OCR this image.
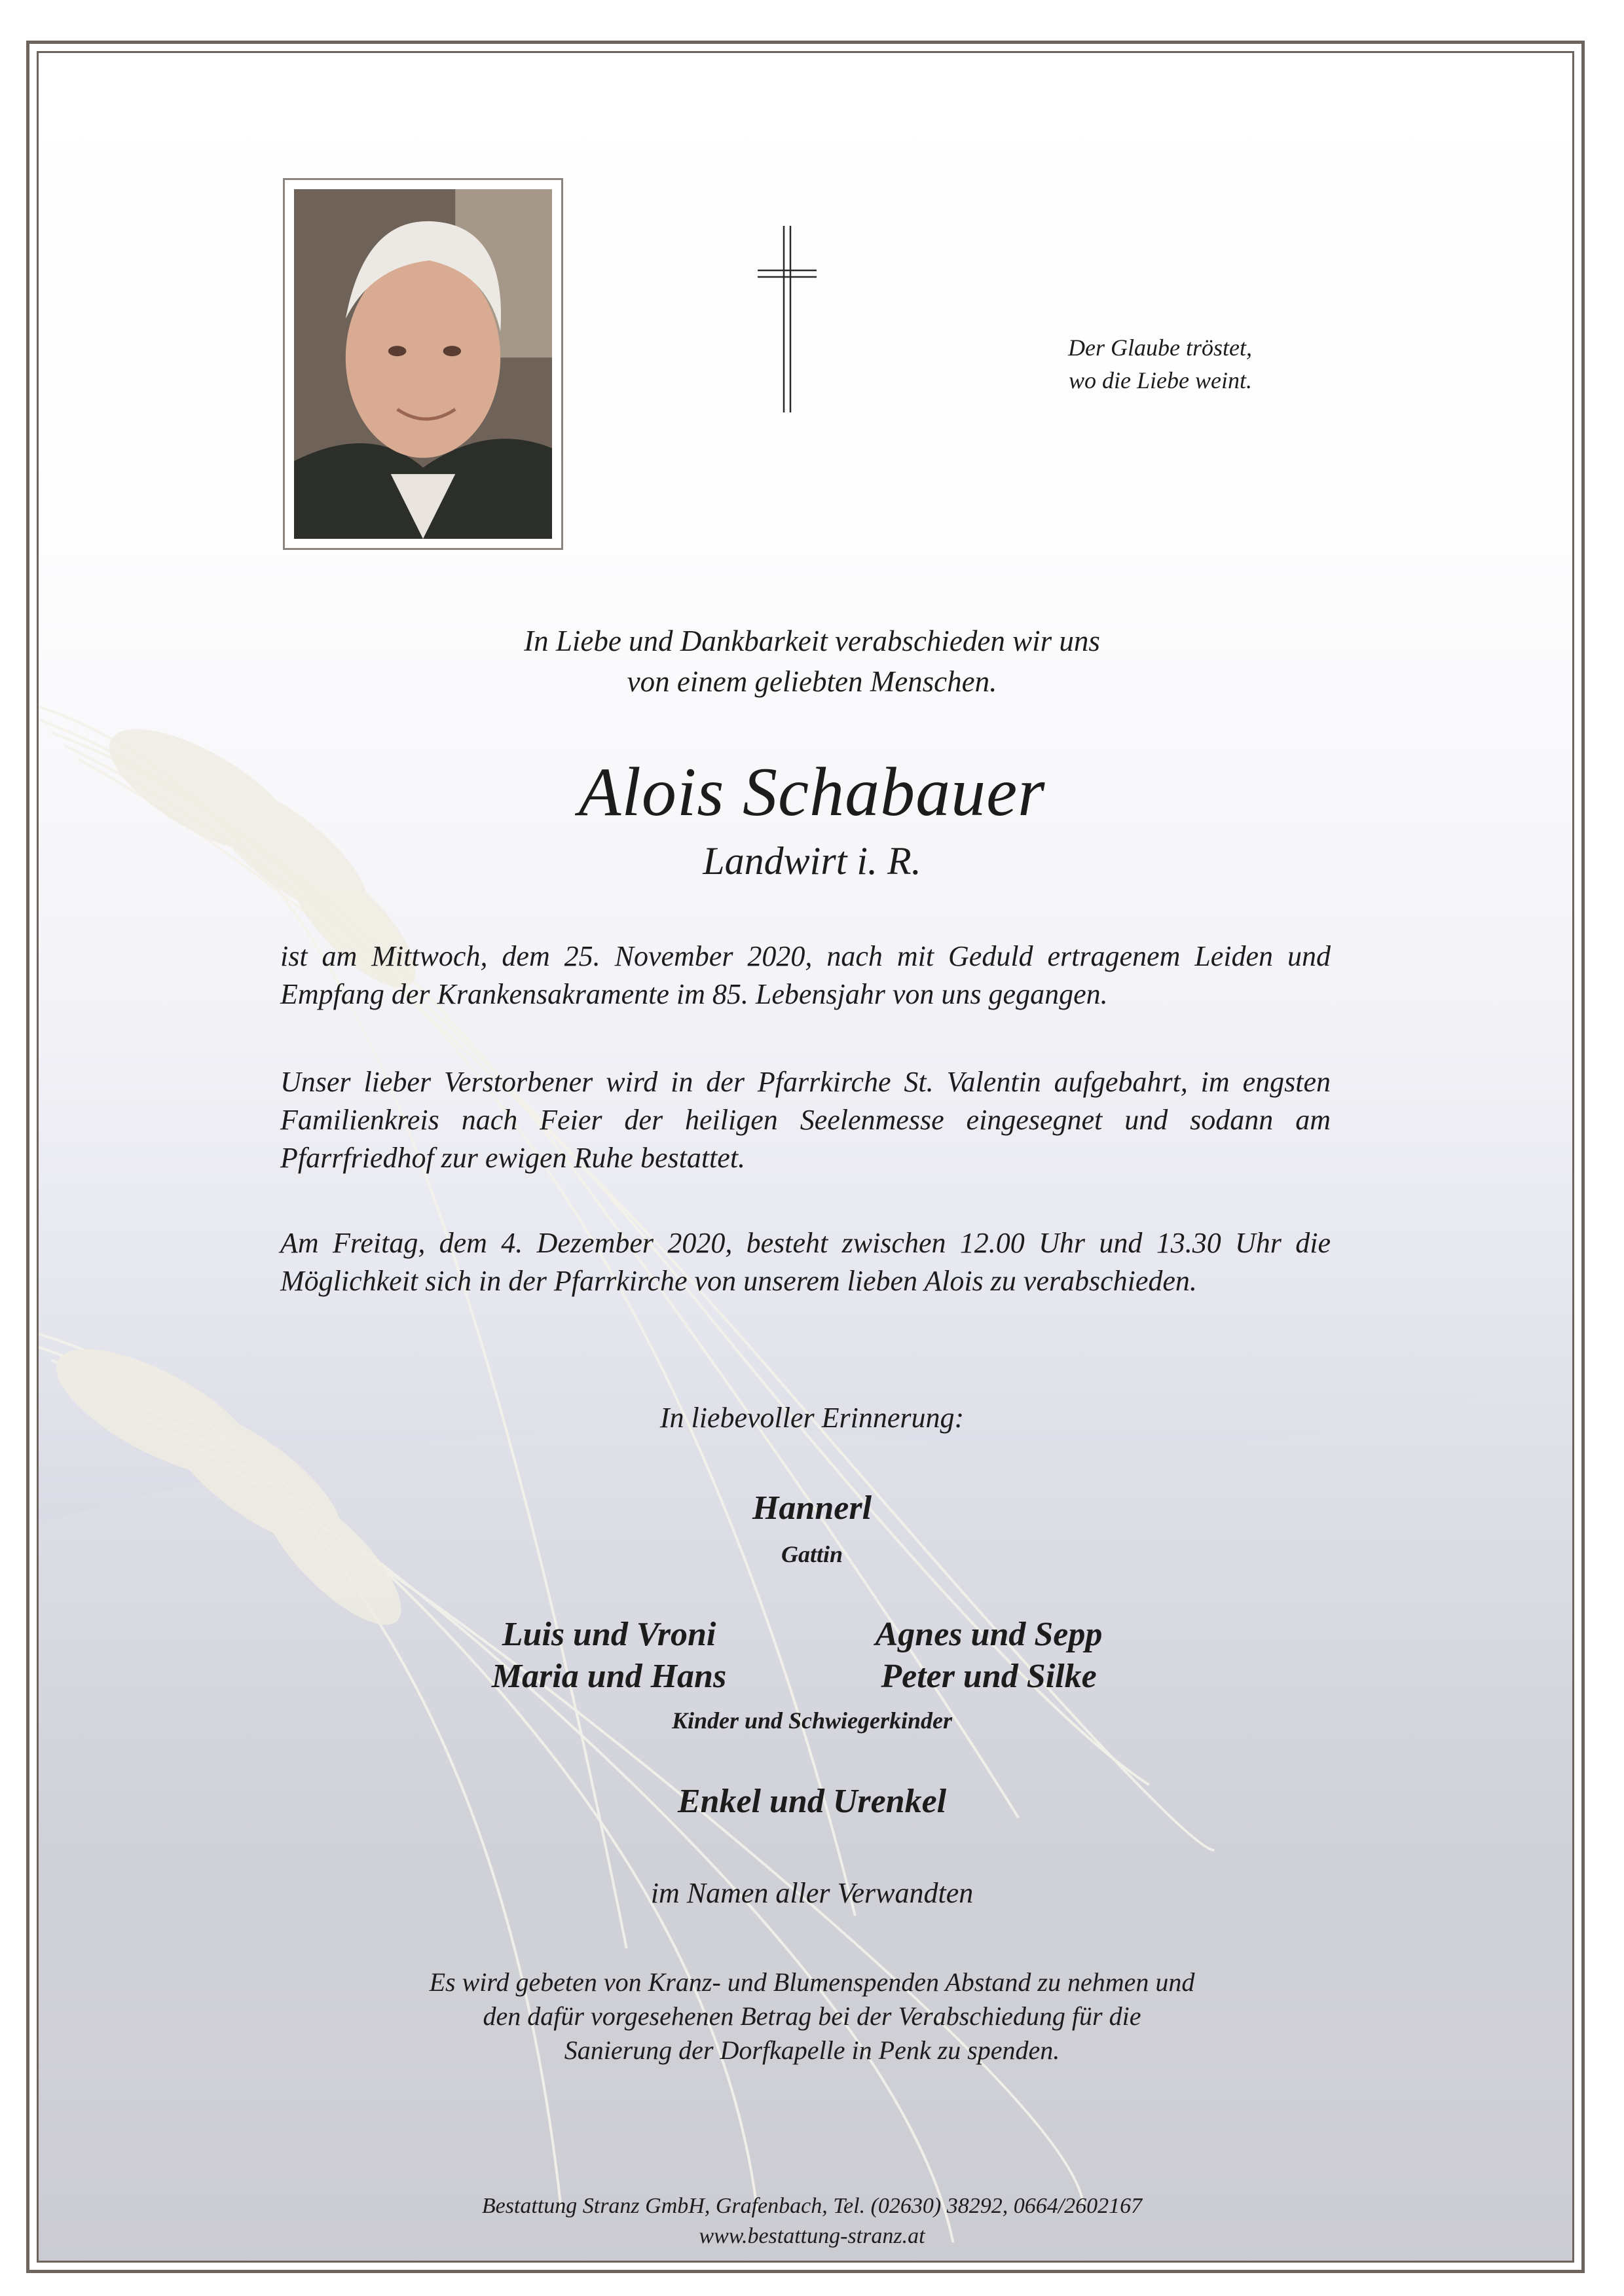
Der Glaube tröstet,
wo die Liebe weint.
In Liebe und Dankbarkeit verabschieden wir uns
von einem geliebten Menschen.
Alois Schabauer
Landwirt i. R.
ist am Mittwoch, dem 25. November 2020, nach mit Geduld ertragenem Leiden und Empfang der Krankensakramente im 85. Lebensjahr von uns gegangen.
Unser lieber Verstorbener wird in der Pfarrkirche St. Valentin aufgebahrt, im engsten Familienkreis nach Feier der heiligen Seelenmesse eingesegnet und sodann am Pfarrfriedhof zur ewigen Ruhe bestattet.
Am Freitag, dem 4. Dezember 2020, besteht zwischen 12.00 Uhr und 13.30 Uhr die Möglichkeit sich in der Pfarrkirche von unserem lieben Alois zu verabschieden.
In liebevoller Erinnerung:
Hannerl
Gattin
Luis und Vroni
Maria und Hans
Agnes und Sepp
Peter und Silke
Kinder und Schwiegerkinder
Enkel und Urenkel
im Namen aller Verwandten
Es wird gebeten von Kranz- und Blumenspenden Abstand zu nehmen und
den dafür vorgesehenen Betrag bei der Verabschiedung für die
Sanierung der Dorfkapelle in Penk zu spenden.
Bestattung Stranz GmbH, Grafenbach, Tel. (02630) 38292, 0664/2602167
www.bestattung-stranz.at
